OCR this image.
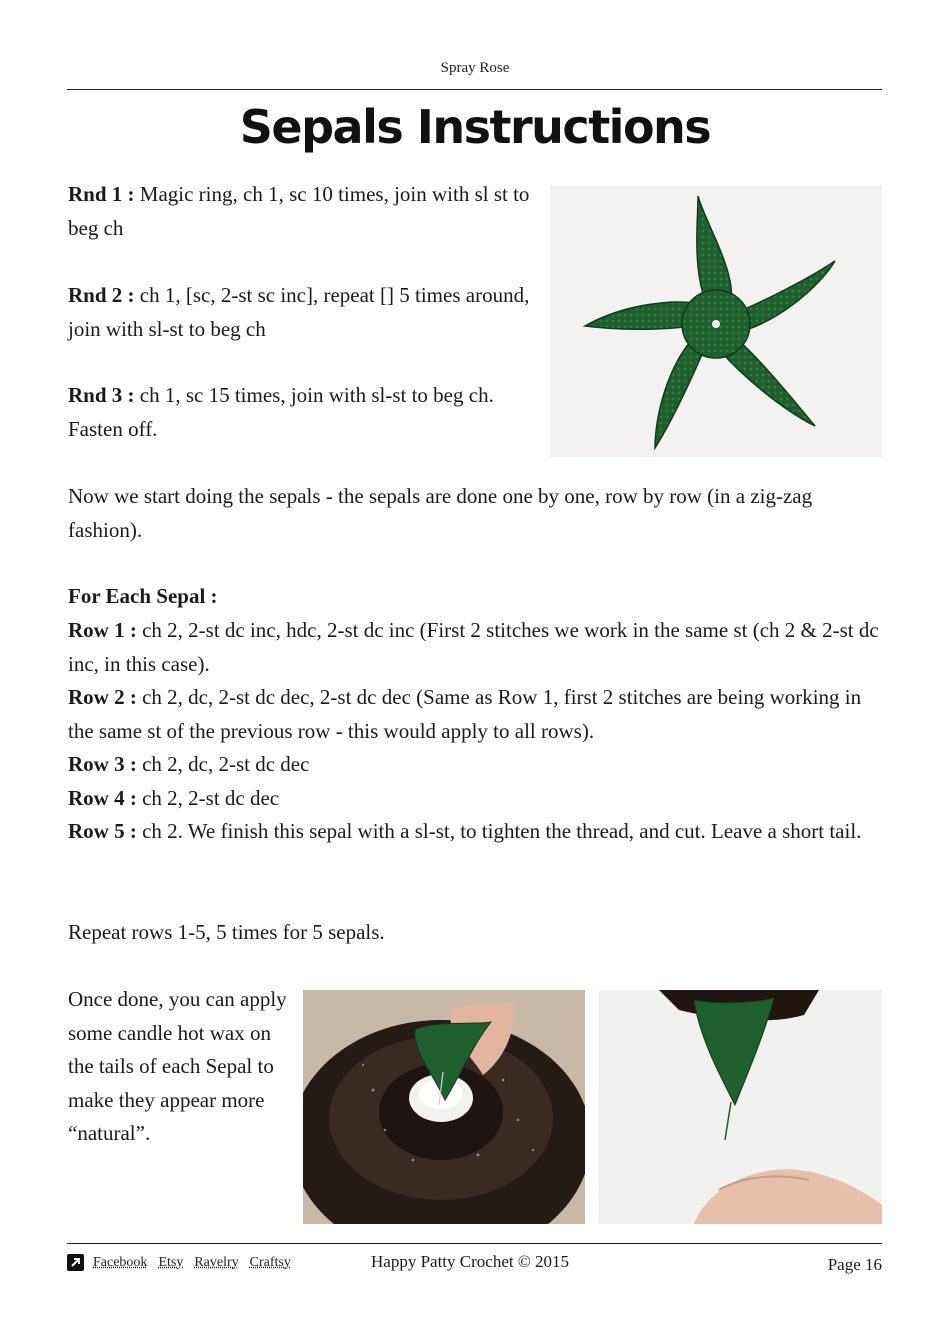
Spray Rose
Sepals Instructions

Rnd 1 : Magic ring, ch 1, sc 10 times, join with sl st to beg ch

Rnd 2 : ch 1, [sc, 2-st sc inc], repeat [] 5 times around, join with sl-st to beg ch

Rnd 3 : ch 1, sc 15 times, join with sl-st to beg ch. Fasten off.

Now we start doing the sepals - the sepals are done one by one, row by row (in a zig-zag fashion).

For Each Sepal :

Row 1 : ch 2, 2-st dc inc, hdc, 2-st dc inc (First 2 stitches we work in the same st (ch 2 & 2-st dc inc, in this case).
Row 2 : ch 2, dc, 2-st dc dec, 2-st dc dec (Same as Row 1, first 2 stitches are being working in the same st of the previous row - this would apply to all rows).
Row 3 : ch 2, dc, 2-st dc dec
Row 4 : ch 2, 2-st dc dec
Row 5 : ch 2. We finish this sepal with a sl-st, to tighten the thread, and cut. Leave a short tail.

Repeat rows 1-5, 5 times for 5 sepals.

Once done, you can apply some candle hot wax on the tails of each Sepal to make they appear more “natural”.

Facebook Etsy Ravelry Craftsy	Happy Patty Crochet © 2015	Page 16
